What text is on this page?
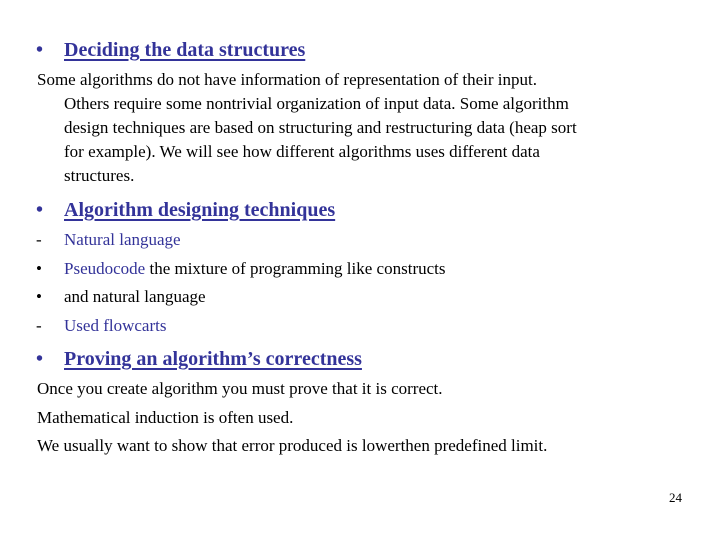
• Deciding the data structures
Some algorithms do not have information of representation of their input.
Others require some nontrivial organization of input data. Some algorithm
design techniques are based on structuring and restructuring data (heap sort
for example). We will see how different algorithms uses different data
structures.
• Algorithm designing techniques
- Natural language
• Pseudocode the mixture of programming like constructs
• and natural language
- Used flowcarts
• Proving an algorithm’s correctness
Once you create algorithm you must prove that it is correct.
Mathematical induction is often used.
We usually want to show that error produced is lowerthen predefined limit.
24
